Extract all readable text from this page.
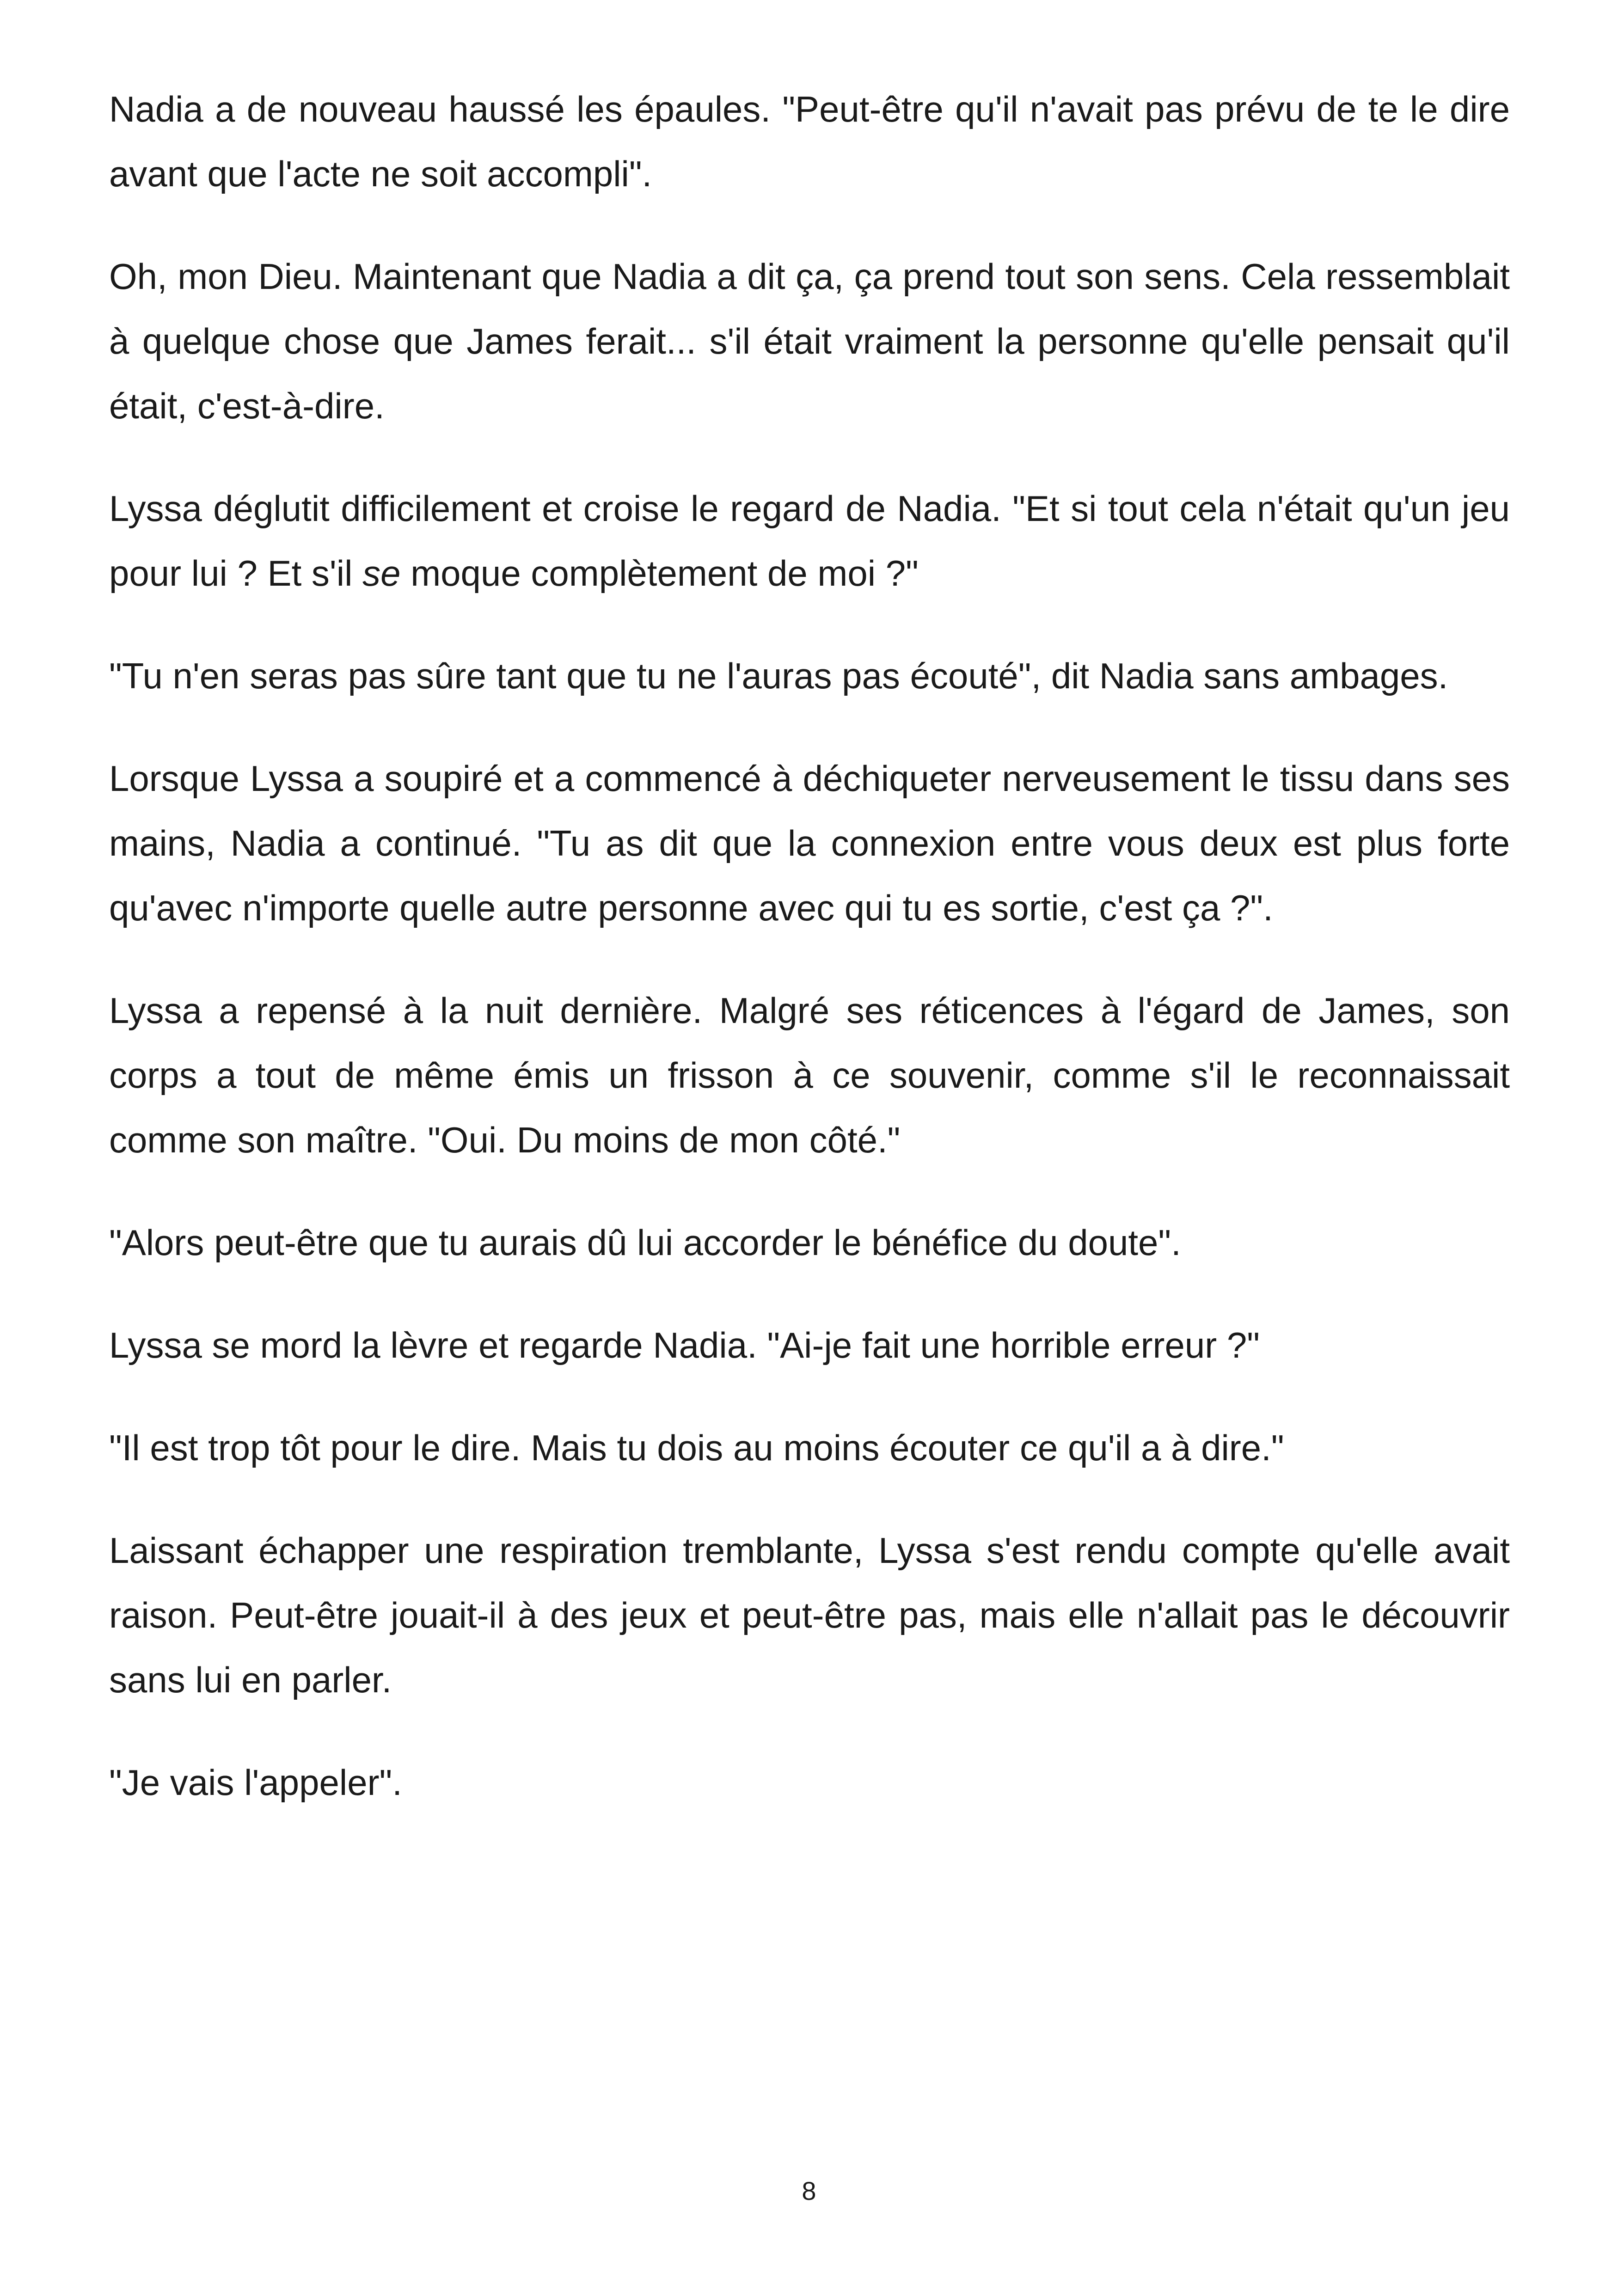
Nadia a de nouveau haussé les épaules. "Peut-être qu'il n'avait pas prévu de te le dire avant que l'acte ne soit accompli".

Oh, mon Dieu. Maintenant que Nadia a dit ça, ça prend tout son sens. Cela ressemblait à quelque chose que James ferait... s'il était vraiment la personne qu'elle pensait qu'il était, c'est-à-dire.

Lyssa déglutit difficilement et croise le regard de Nadia. "Et si tout cela n'était qu'un jeu pour lui ? Et s'il se moque complètement de moi ?"

"Tu n'en seras pas sûre tant que tu ne l'auras pas écouté", dit Nadia sans ambages.

Lorsque Lyssa a soupiré et a commencé à déchiqueter nerveusement le tissu dans ses mains, Nadia a continué. "Tu as dit que la connexion entre vous deux est plus forte qu'avec n'importe quelle autre personne avec qui tu es sortie, c'est ça ?".

Lyssa a repensé à la nuit dernière. Malgré ses réticences à l'égard de James, son corps a tout de même émis un frisson à ce souvenir, comme s'il le reconnaissait comme son maître. "Oui. Du moins de mon côté."

"Alors peut-être que tu aurais dû lui accorder le bénéfice du doute".

Lyssa se mord la lèvre et regarde Nadia. "Ai-je fait une horrible erreur ?"

"Il est trop tôt pour le dire. Mais tu dois au moins écouter ce qu'il a à dire."

Laissant échapper une respiration tremblante, Lyssa s'est rendu compte qu'elle avait raison. Peut-être jouait-il à des jeux et peut-être pas, mais elle n'allait pas le découvrir sans lui en parler.

"Je vais l'appeler".

8
